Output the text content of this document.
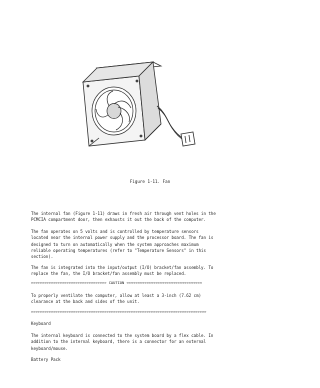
Figure 1-11. Fan
The internal fan (Figure 1-11) draws in fresh air through vent holes in the
PCMCIA compartment door, then exhausts it out the back of the computer.
The fan operates on 5 volts and is controlled by temperature sensors
located near the internal power supply and the processor board. The fan is
designed to turn on automatically when the system approaches maximum
reliable operating temperatures (refer to "Temperature Sensors" in this
section).
The fan is integrated into the input/output (I/O) bracket/fan assembly. To
replace the fan, the I/O bracket/fan assembly must be replaced.
>>>>>>>>>>>>>>>>>>>>>>>>>>>>>>>>>> CAUTION <<<<<<<<<<<<<<<<<<<<<<<<<<<<<<<<<<
To properly ventilate the computer, allow at least a 3-inch (7.62 cm)
clearance at the back and sides of the unit.
>>>>>>>>>>>>>>>>>>>>>>>>>>>>>>>>>>>>>>>>>>>>>>>>>>>>>>>>>>>>>>>>>>>>>>>>>>>>>>>
Keyboard
The internal keyboard is connected to the system board by a flex cable. In
addition to the internal keyboard, there is a connector for an external
keyboard/mouse.
Battery Pack
